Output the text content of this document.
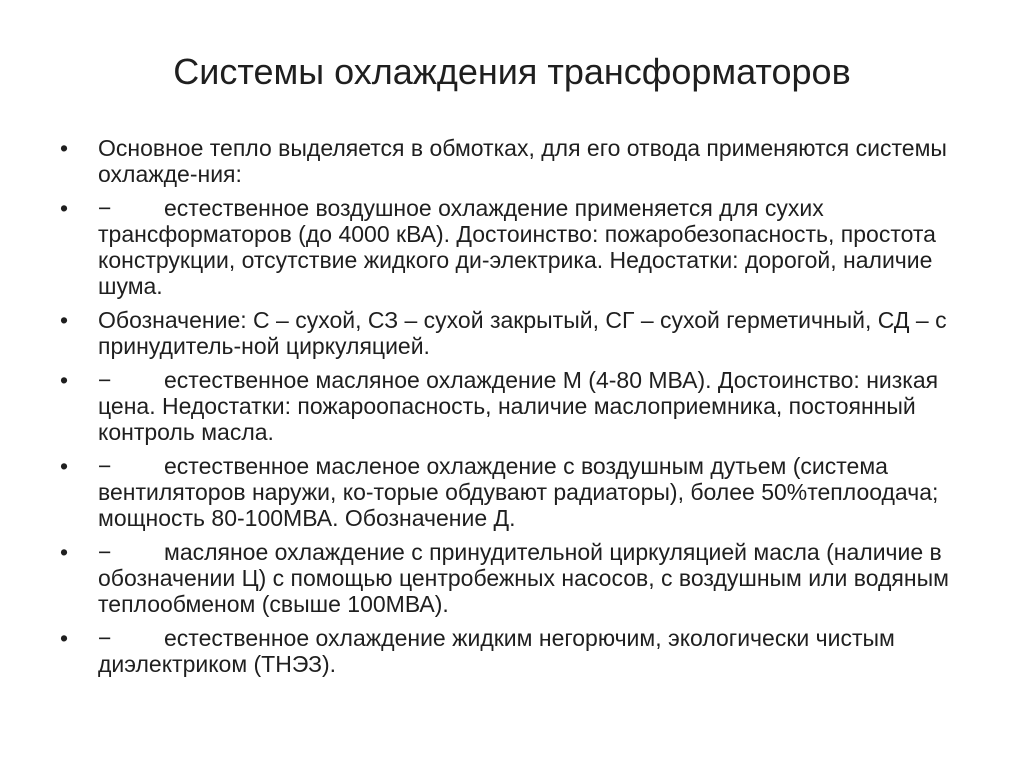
Системы охлаждения трансформаторов
• Основное тепло выделяется в обмотках, для его отвода применяются системы охлажде-ния:
• − естественное воздушное охлаждение применяется для сухих трансформаторов (до 4000 кВА). Достоинство: пожаробезопасность, простота конструкции, отсутствие жидкого ди-электрика. Недостатки: дорогой, наличие шума.
• Обозначение: С – сухой, СЗ – сухой закрытый, СГ – сухой герметичный, СД – с принудитель-ной циркуляцией.
• − естественное масляное охлаждение М (4-80 МВА). Достоинство: низкая цена. Недостатки: пожароопасность, наличие маслоприемника, постоянный контроль масла.
• − естественное масленое охлаждение с воздушным дутьем (система вентиляторов наружи, ко-торые обдувают радиаторы), более 50%теплоодача; мощность 80-100МВА. Обозначение Д.
• − масляное охлаждение с принудительной циркуляцией масла (наличие в обозначении Ц) с помощью центробежных насосов, с воздушным или водяным теплообменом (свыше 100МВА).
• − естественное охлаждение жидким негорючим, экологически чистым диэлектриком (ТНЭЗ).
